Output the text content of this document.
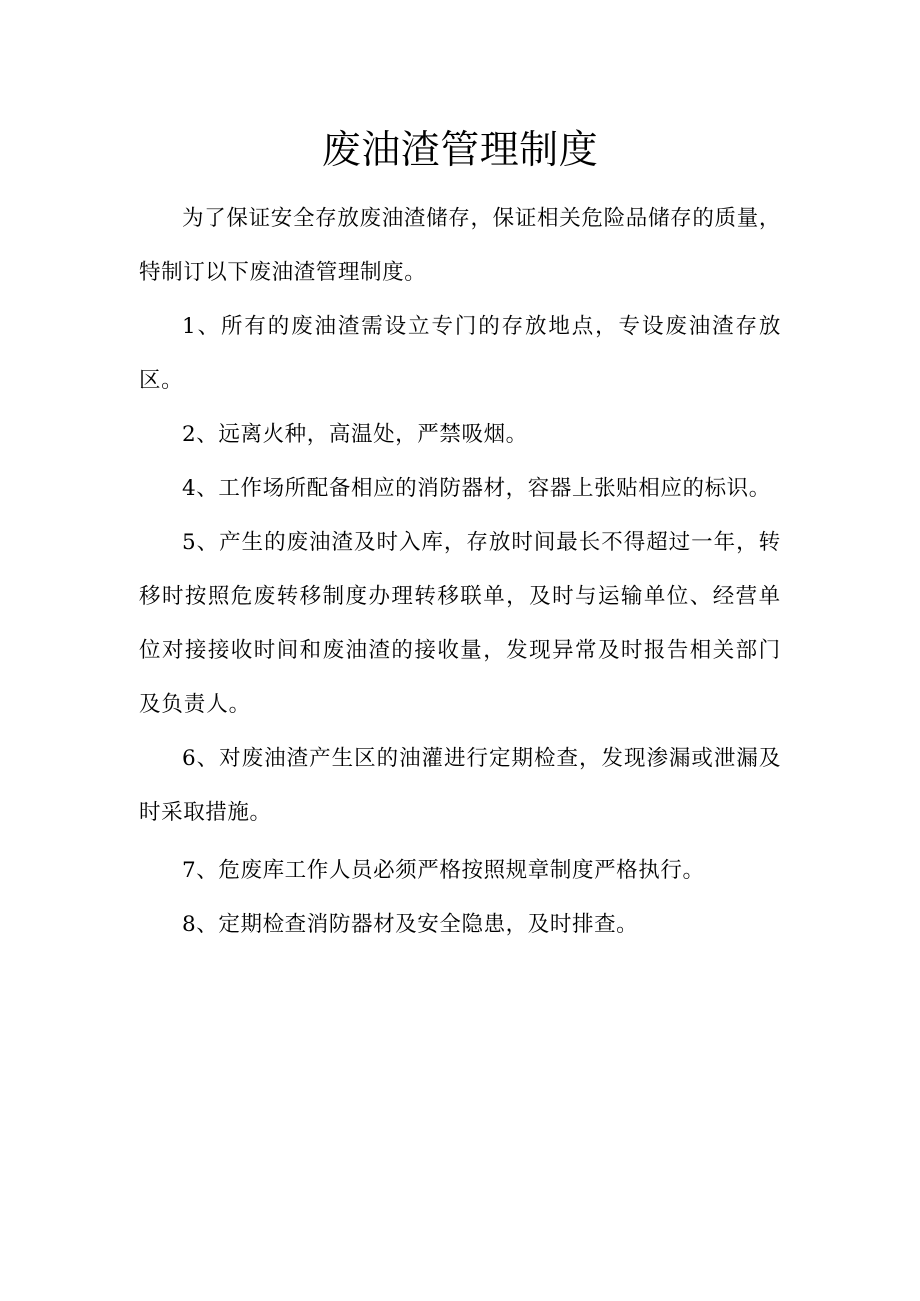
废油渣管理制度

为了保证安全存放废油渣储存，保证相关危险品储存的质量，特制订以下废油渣管理制度。

1、所有的废油渣需设立专门的存放地点，专设废油渣存放区。

2、远离火种，高温处，严禁吸烟。

4、工作场所配备相应的消防器材，容器上张贴相应的标识。

5、产生的废油渣及时入库，存放时间最长不得超过一年，转移时按照危废转移制度办理转移联单，及时与运输单位、经营单位对接接收时间和废油渣的接收量，发现异常及时报告相关部门及负责人。

6、对废油渣产生区的油灌进行定期检查，发现渗漏或泄漏及时采取措施。

7、危废库工作人员必须严格按照规章制度严格执行。

8、定期检查消防器材及安全隐患，及时排查。
